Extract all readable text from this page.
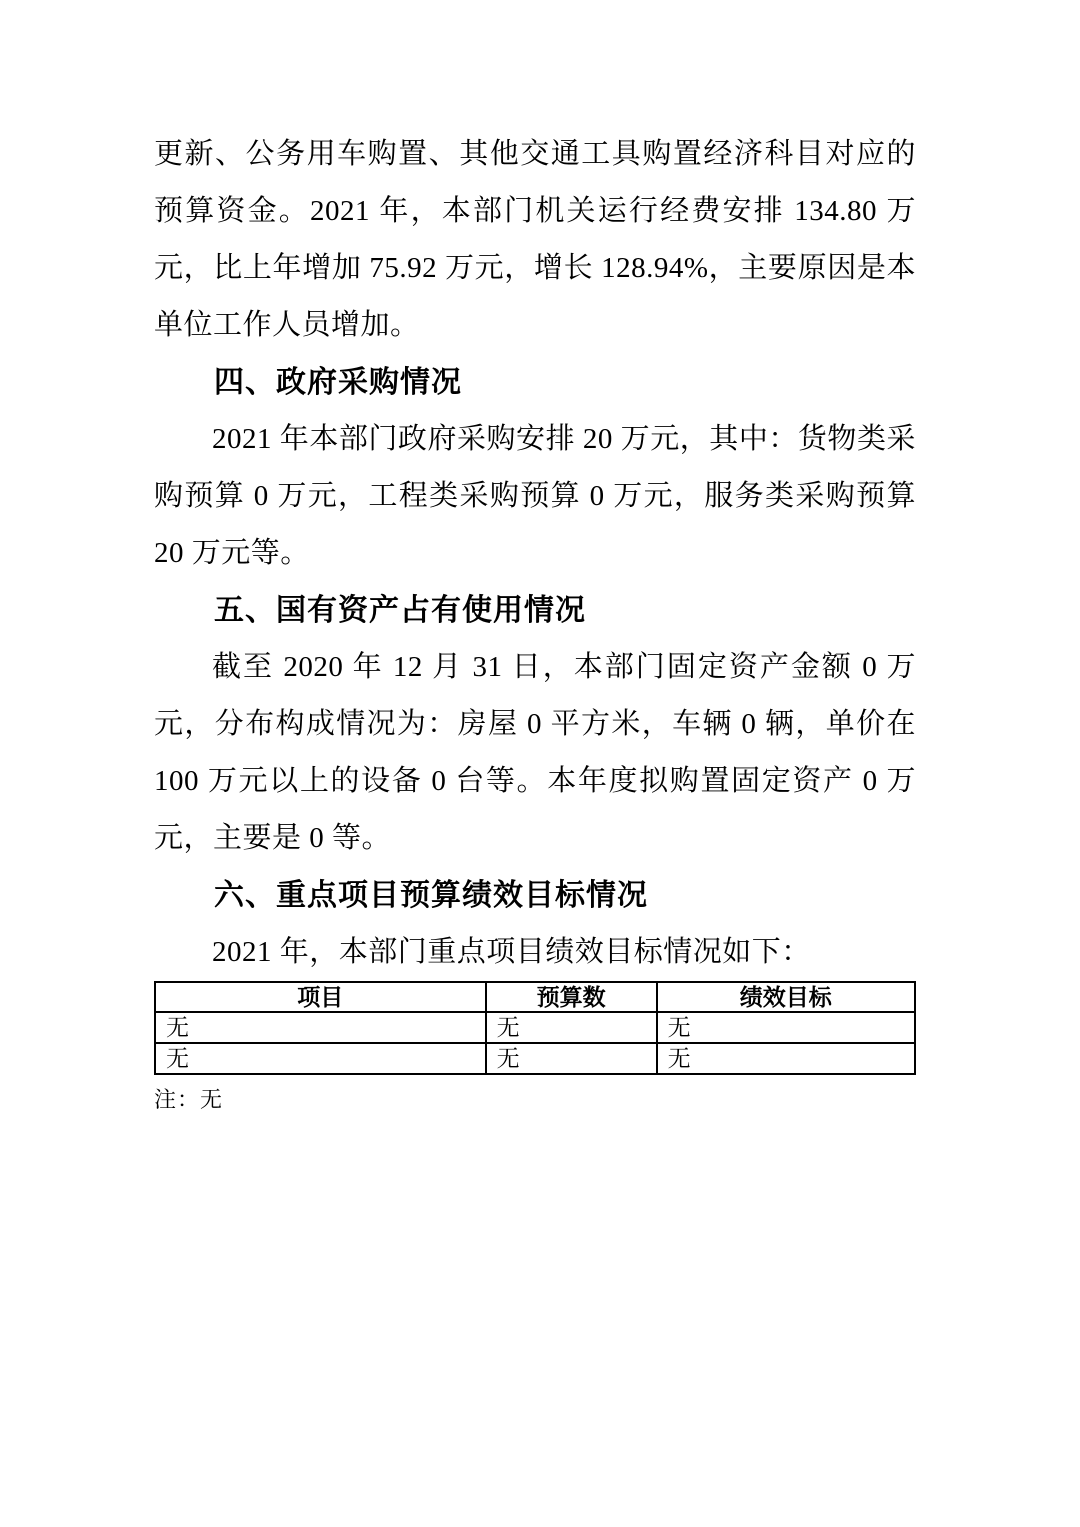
更新、公务用车购置、其他交通工具购置经济科目对应的预算资金。2021 年，本部门机关运行经费安排 134.80 万元，比上年增加 75.92 万元，增长 128.94%，主要原因是本单位工作人员增加。

四、政府采购情况

2021 年本部门政府采购安排 20 万元，其中：货物类采购预算 0 万元，工程类采购预算 0 万元，服务类采购预算 20 万元等。

五、国有资产占有使用情况

截至 2020 年 12 月 31 日，本部门固定资产金额 0 万元，分布构成情况为：房屋 0 平方米，车辆 0 辆，单价在 100 万元以上的设备 0 台等。本年度拟购置固定资产 0 万元，主要是 0 等。

六、重点项目预算绩效目标情况

2021 年，本部门重点项目绩效目标情况如下：

项目	预算数	绩效目标
无	无	无
无	无	无

注：无
